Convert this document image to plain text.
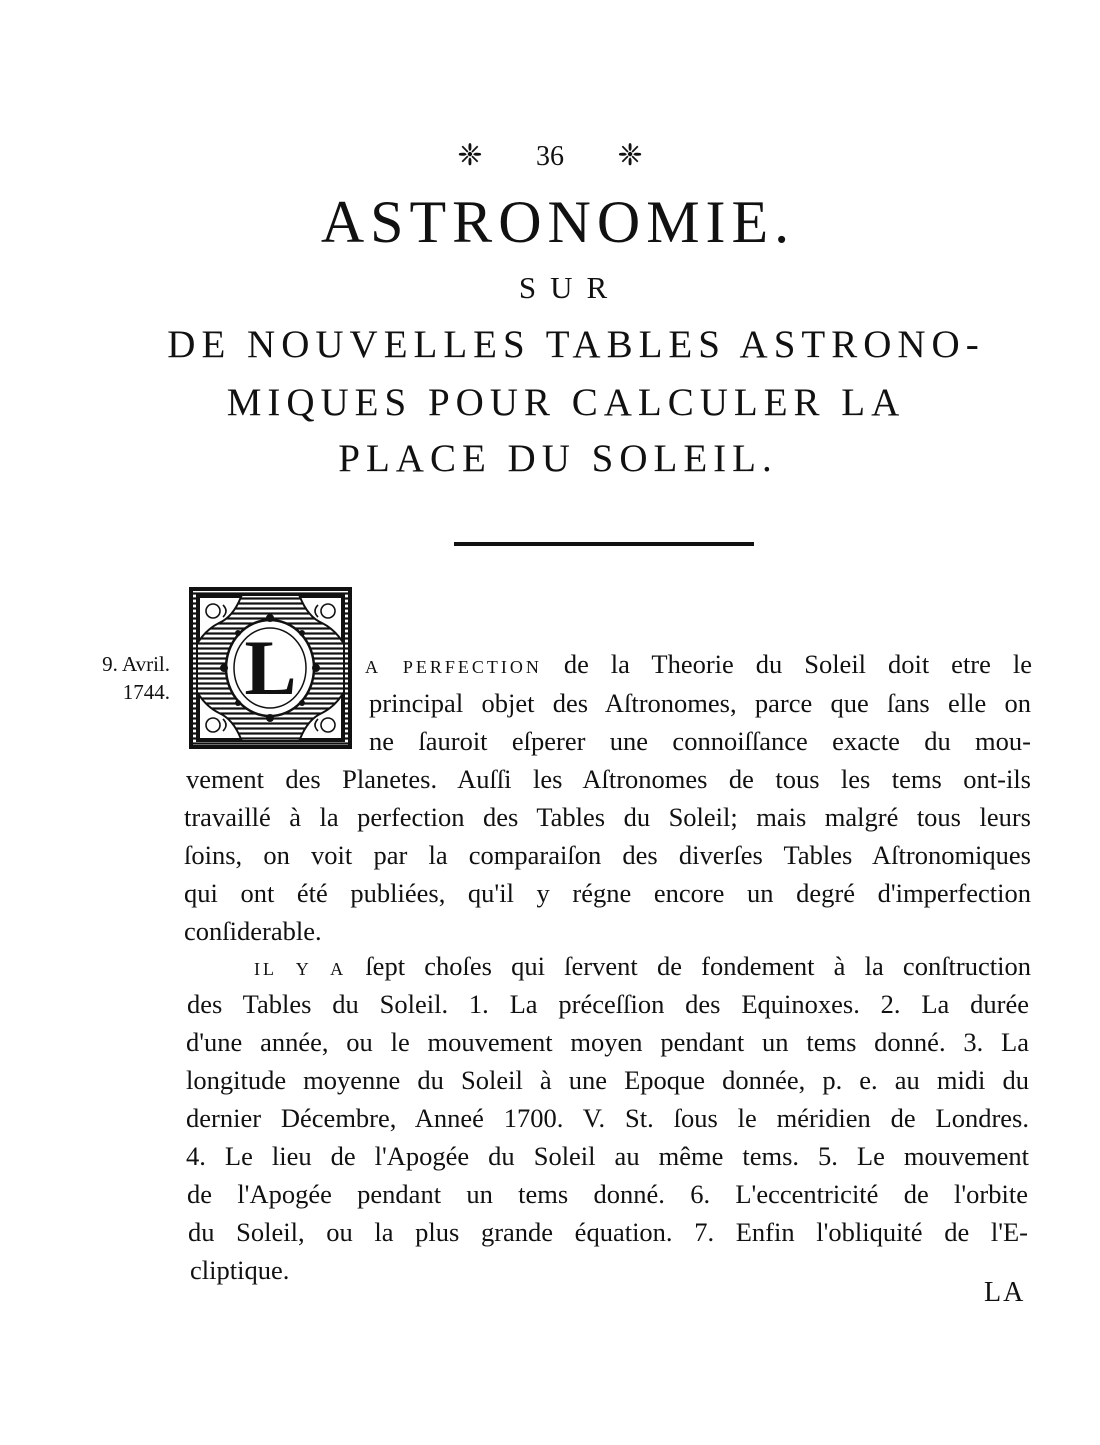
❈ 36 ❈
ASTRONOMIE.
SUR
DE NOUVELLES TABLES ASTRONO-
MIQUES POUR CALCULER LA
PLACE DU SOLEIL.
9. Avril.
1744. L	A PERFECTION de la Theorie du Soleil doit etre le
principal objet des Aſtronomes, parce que ſans elle on
ne ſauroit eſperer une connoiſſance exacte du mou-
vement des Planetes. Auſſi les Aſtronomes de tous les tems ont-ils
travaillé à la perfection des Tables du Soleil; mais malgré tous leurs
ſoins, on voit par la comparaiſon des diverſes Tables Aſtronomiques
qui ont été publiées, qu'il y régne encore un degré d'imperfection
conſiderable.
IL Y A ſept choſes qui ſervent de fondement à la conſtruction
des Tables du Soleil. 1. La préceſſion des Equinoxes. 2. La durée
d'une année, ou le mouvement moyen pendant un tems donné. 3. La
longitude moyenne du Soleil à une Epoque donnée, p. e. au midi du
dernier Décembre, Anneé 1700. V. St. ſous le méridien de Londres.
4. Le lieu de l'Apogée du Soleil au même tems. 5. Le mouvement
de l'Apogée pendant un tems donné. 6. L'eccentricité de l'orbite
du Soleil, ou la plus grande équation. 7. Enfin l'obliquité de l'E-
cliptique.
LA
